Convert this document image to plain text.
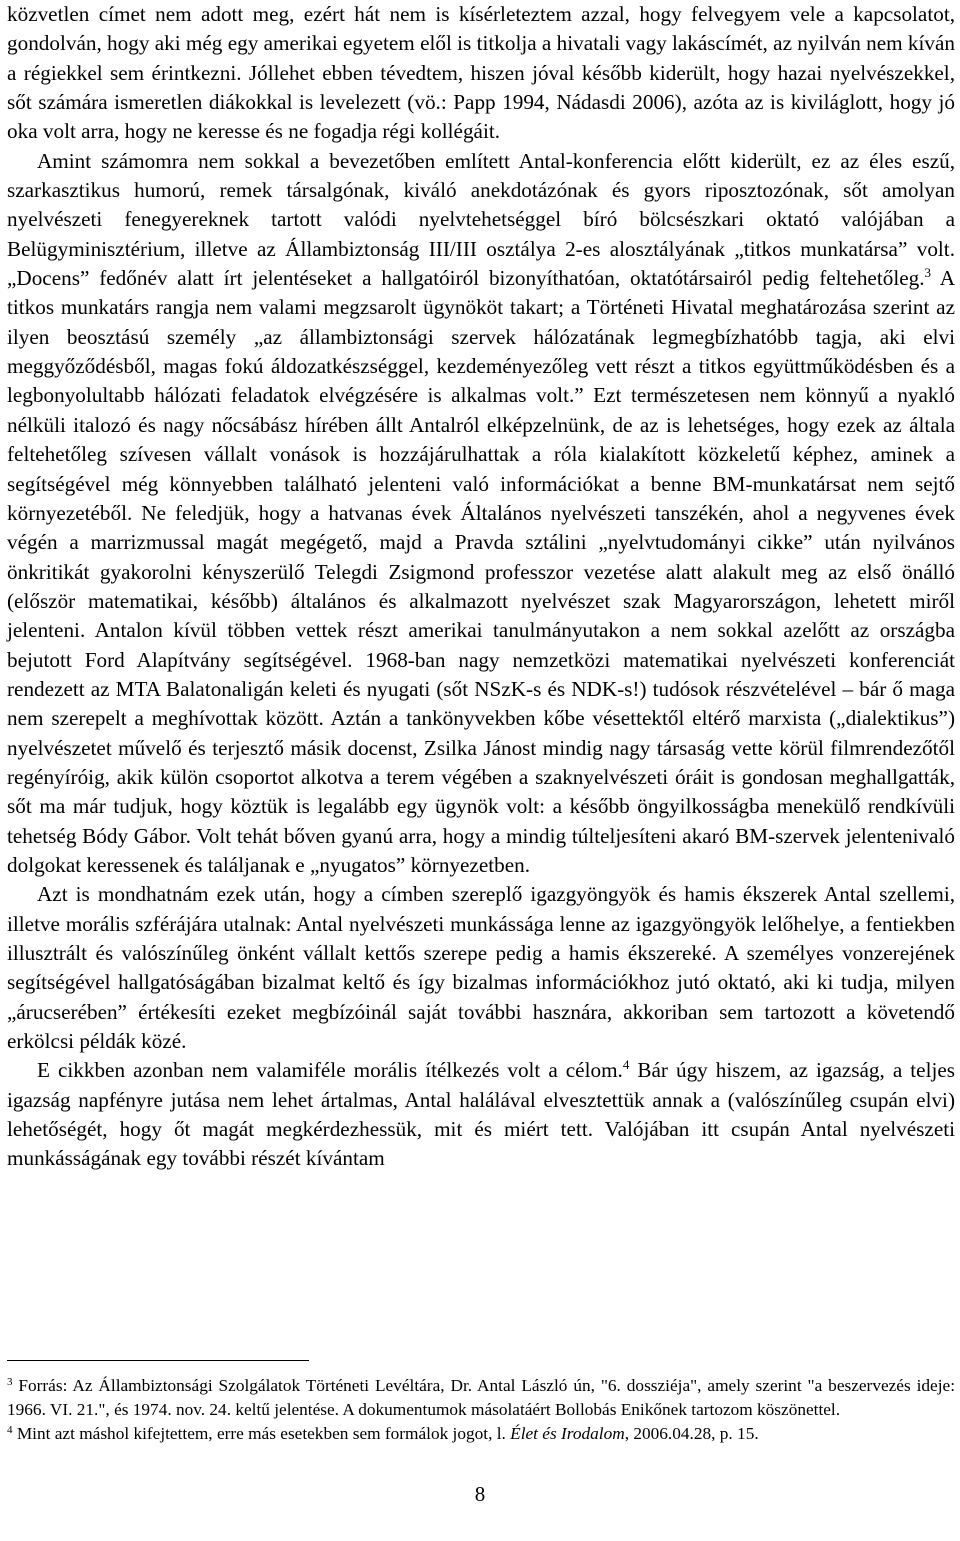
közvetlen címet nem adott meg, ezért hát nem is kísérleteztem azzal, hogy felvegyem vele a kapcsolatot, gondolván, hogy aki még egy amerikai egyetem elől is titkolja a hivatali vagy lakáscímét, az nyilván nem kíván a régiekkel sem érintkezni. Jóllehet ebben tévedtem, hiszen jóval később kiderült, hogy hazai nyelvészekkel, sőt számára ismeretlen diákokkal is levelezett (vö.: Papp 1994, Nádasdi 2006), azóta az is kiviláglott, hogy jó oka volt arra, hogy ne keresse és ne fogadja régi kollégáit.

Amint számomra nem sokkal a bevezetőben említett Antal-konferencia előtt kiderült, ez az éles eszű, szarkasztikus humorú, remek társalgónak, kiváló anekdotázónak és gyors riposztozónak, sőt amolyan nyelvészeti fenegyereknek tartott valódi nyelvtehetséggel bíró bölcsészkari oktató valójában a Belügyminisztérium, illetve az Állambiztonság III/III osztálya 2-es alosztályának „titkos munkatársa” volt. „Docens” fedőnév alatt írt jelentéseket a hallgatóiról bizonyíthatóan, oktatótársairól pedig feltehetőleg.$^3$ A titkos munkatárs rangja nem valami megzsarolt ügynököt takart; a Történeti Hivatal meghatározása szerint az ilyen beosztású személy „az állambiztonsági szervek hálózatának legmegbízhatóbb tagja, aki elvi meggyőződésből, magas fokú áldozatkészséggel, kezdeményezőleg vett részt a titkos együttműködésben és a legbonyolultabb hálózati feladatok elvégzésére is alkalmas volt.” Ezt természetesen nem könnyű a nyakló nélküli italozó és nagy nőcsábász hírében állt Antalról elképzelnünk, de az is lehetséges, hogy ezek az általa feltehetőleg szívesen vállalt vonások is hozzájárulhattak a róla kialakított közkeletű képhez, aminek a segítségével még könnyebben található jelenteni való információkat a benne BM-munkatársat nem sejtő környezetéből. Ne feledjük, hogy a hatvanas évek Általános nyelvészeti tanszékén, ahol a negyvenes évek végén a marrizmussal magát megégető, majd a Pravda sztálini „nyelvtudományi cikke” után nyilvános önkritikát gyakorolni kényszerülő Telegdi Zsigmond professzor vezetése alatt alakult meg az első önálló (először matematikai, később) általános és alkalmazott nyelvészet szak Magyarországon, lehetett miről jelenteni. Antalon kívül többen vettek részt amerikai tanulmányutakon a nem sokkal azelőtt az országba bejutott Ford Alapítvány segítségével. 1968-ban nagy nemzetközi matematikai nyelvészeti konferenciát rendezett az MTA Balatonaligán keleti és nyugati (sőt NSzK-s és NDK-s!) tudósok részvételével – bár ő maga nem szerepelt a meghívottak között. Aztán a tankönyvekben kőbe vésettektől eltérő marxista („dialektikus”) nyelvészetet művelő és terjesztő másik docenst, Zsilka Jánost mindig nagy társaság vette körül filmrendezőtől regényíróig, akik külön csoportot alkotva a terem végében a szaknyelvészeti óráit is gondosan meghallgatták, sőt ma már tudjuk, hogy köztük is legalább egy ügynök volt: a később öngyilkosságba menekülő rendkívüli tehetség Bódy Gábor. Volt tehát bőven gyanú arra, hogy a mindig túlteljesíteni akaró BM-szervek jelentenivaló dolgokat keressenek és találjanak e „nyugatos” környezetben.

Azt is mondhatnám ezek után, hogy a címben szereplő igazgyöngyök és hamis ékszerek Antal szellemi, illetve morális szférájára utalnak: Antal nyelvészeti munkássága lenne az igazgyöngyök lelőhelye, a fentiekben illusztrált és valószínűleg önként vállalt kettős szerepe pedig a hamis ékszereké. A személyes vonzerejének segítségével hallgatóságában bizalmat keltő és így bizalmas információkhoz jutó oktató, aki ki tudja, milyen „árucserében” értékesíti ezeket megbízóinál saját további hasznára, akkoriban sem tartozott a követendő erkölcsi példák közé.

E cikkben azonban nem valamiféle morális ítélkezés volt a célom.$^4$ Bár úgy hiszem, az igazság, a teljes igazság napfényre jutása nem lehet ártalmas, Antal halálával elvesztettük annak a (valószínűleg csupán elvi) lehetőségét, hogy őt magát megkérdezhessük, mit és miért tett. Valójában itt csupán Antal nyelvészeti munkásságának egy további részét kívántam

$^3$ Forrás: Az Állambiztonsági Szolgálatok Történeti Levéltára, Dr. Antal László ún, "6. dossziéja", amely szerint "a beszervezés ideje: 1966. VI. 21.", és 1974. nov. 24. keltű jelentése. A dokumentumok másolatáért Bollobás Enikőnek tartozom köszönettel.

$^4$ Mint azt máshol kifejtettem, erre más esetekben sem formálok jogot, l. Élet és Irodalom, 2006.04.28, p. 15.

8
